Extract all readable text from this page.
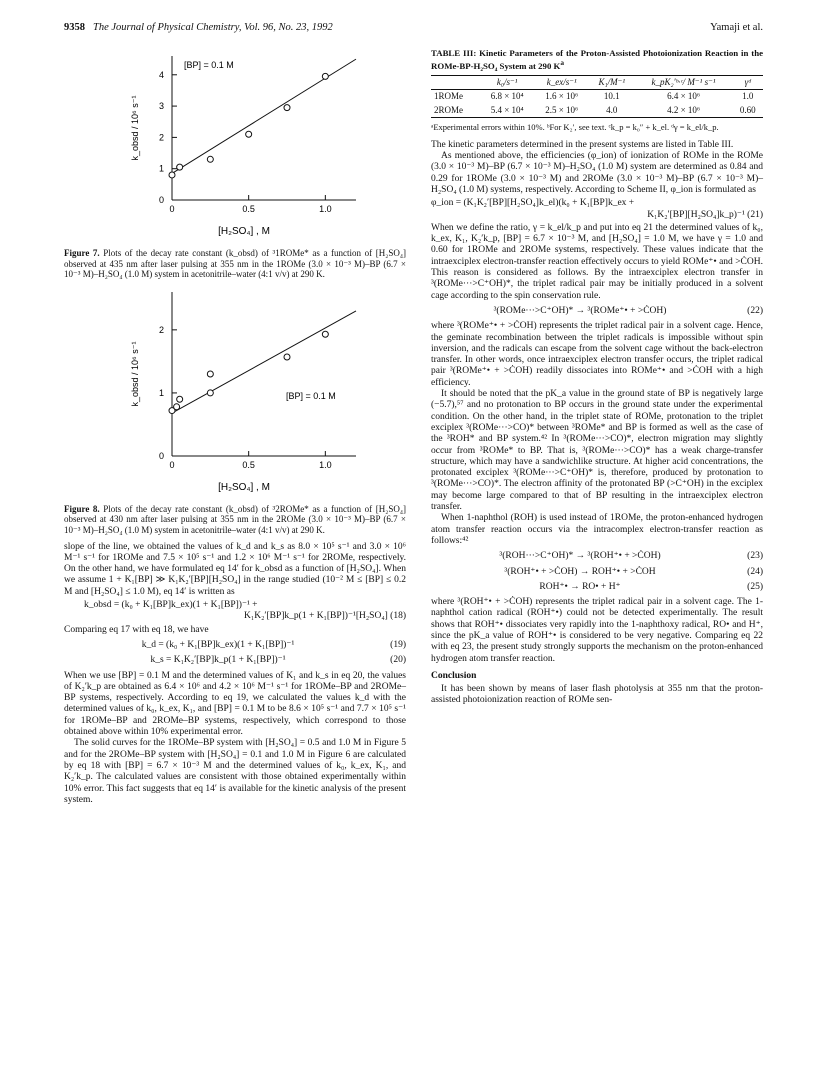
9358 The Journal of Physical Chemistry, Vol. 96, No. 23, 1992	Yamaji et al.
0
1
2
3
4
0	0.5	1.0
[BP] = 0.1 M
k_obsd / 10⁶ s⁻¹
[H₂SO₄] , M

Figure 7. Plots of the decay rate constant (k_obsd) of ³1ROMe* as a function of [H₂SO₄] observed at 435 nm after laser pulsing at 355 nm in the 1ROMe (3.0 × 10⁻³ M)–BP (6.7 × 10⁻³ M)–H₂SO₄ (1.0 M) system in acetonitrile–water (4:1 v/v) at 290 K.

0
1
2
0	0.5	1.0
[BP] = 0.1 M
k_obsd / 10⁶ s⁻¹
[H₂SO₄] , M

Figure 8. Plots of the decay rate constant (k_obsd) of ³2ROMe* as a function of [H₂SO₄] observed at 430 nm after laser pulsing at 355 nm in the 2ROMe (3.0 × 10⁻³ M)–BP (6.7 × 10⁻³ M)–H₂SO₄ (1.0 M) system in acetonitrile–water (4:1 v/v) at 290 K.

slope of the line, we obtained the values of k_d and k_s as 8.0 × 10⁵ s⁻¹ and 3.0 × 10⁶ M⁻¹ s⁻¹ for 1ROMe and 7.5 × 10⁵ s⁻¹ and 1.2 × 10⁶ M⁻¹ s⁻¹ for 2ROMe, respectively. On the other hand, we have formulated eq 14′ for k_obsd as a function of [H₂SO₄]. When we assume 1 + K₁[BP] ≫ K₁K₂′[BP][H₂SO₄] in the range studied (10⁻² M ≤ [BP] ≤ 0.2 M and [H₂SO₄] ≤ 1.0 M), eq 14′ is written as

k_obsd = (k₀ + K₁[BP]k_ex)(1 + K₁[BP])⁻¹ +
K₁K₂′[BP]k_p(1 + K₁[BP])⁻¹[H₂SO₄] (18)

Comparing eq 17 with eq 18, we have

k_d = (k₀ + K₁[BP]k_ex)(1 + K₁[BP])⁻¹	(19)
k_s = K₁K₂′[BP]k_p(1 + K₁[BP])⁻¹	(20)

When we use [BP] = 0.1 M and the determined values of K₁ and k_s in eq 20, the values of K₂′k_p are obtained as 6.4 × 10⁶ and 4.2 × 10⁶ M⁻¹ s⁻¹ for 1ROMe–BP and 2ROMe–BP systems, respectively. According to eq 19, we calculated the values k_d with the determined values of k₀, k_ex, K₁, and [BP] = 0.1 M to be 8.6 × 10⁵ s⁻¹ and 7.7 × 10⁵ s⁻¹ for 1ROMe–BP and 2ROMe–BP systems, respectively, which correspond to those obtained above within 10% experimental error.

The solid curves for the 1ROMe–BP system with [H₂SO₄] = 0.5 and 1.0 M in Figure 5 and for the 2ROMe–BP system with [H₂SO₄] = 0.1 and 1.0 M in Figure 6 are calculated by eq 18 with [BP] = 6.7 × 10⁻³ M and the determined values of k₀, k_ex, K₁, and K₂′k_p. The calculated values are consistent with those obtained experimentally within 10% error. This fact suggests that eq 14′ is available for the kinetic analysis of the present system.

TABLE III: Kinetic Parameters of the Proton-Assisted Photoionization Reaction in the ROMe-BP-H₂SO₄ System at 290 $K^a$
	k₀/s⁻¹	k_ex/s⁻¹	K₁/M⁻¹	k_pK₂′ᵇ·ᶜ/ M⁻¹ s⁻¹	γᵈ
1ROMe	6.8 × 10⁴	1.6 × 10⁶	10.1	6.4 × 10⁶	1.0
2ROMe	5.4 × 10⁴	2.5 × 10⁶	4.0	4.2 × 10⁶	0.60
ᵃExperimental errors within 10%. ᵇFor K₂′, see text. ᶜk_p = k₀″ + k_el. ᵈγ = k_el/k_p.

The kinetic parameters determined in the present systems are listed in Table III.

As mentioned above, the efficiencies (φ_ion) of ionization of ROMe in the ROMe (3.0 × 10⁻³ M)–BP (6.7 × 10⁻³ M)–H₂SO₄ (1.0 M) system are determined as 0.84 and 0.29 for 1ROMe (3.0 × 10⁻³ M) and 2ROMe (3.0 × 10⁻³ M)–BP (6.7 × 10⁻³ M)–H₂SO₄ (1.0 M) systems, respectively. According to Scheme II, φ_ion is formulated as

φ_ion = (K₁K₂′[BP][H₂SO₄]k_el)(k₀ + K₁[BP]k_ex +
K₁K₂′[BP][H₂SO₄]k_p)⁻¹ (21)

When we define the ratio, γ = k_el/k_p and put into eq 21 the determined values of k₀, k_ex, K₁, K₂′k_p, [BP] = 6.7 × 10⁻³ M, and [H₂SO₄] = 1.0 M, we have γ = 1.0 and 0.60 for 1ROMe and 2ROMe systems, respectively. These values indicate that the intraexciplex electron-transfer reaction effectively occurs to yield ROMe⁺• and >ĊOH. This reason is considered as follows. By the intraexciplex electron transfer in ³(ROMe···>C⁺OH)*, the triplet radical pair may be initially produced in a solvent cage according to the spin conservation rule.

³(ROMe···>C⁺OH)* → ³(ROMe⁺• + >ĊOH)	(22)

where ³(ROMe⁺• + >ĊOH) represents the triplet radical pair in a solvent cage. Hence, the geminate recombination between the triplet radicals is impossible without spin inversion, and the radicals can escape from the solvent cage without the back-electron transfer. In other words, once intraexciplex electron transfer occurs, the triplet radical pair ³(ROMe⁺• + >ĊOH) readily dissociates into ROMe⁺• and >ĊOH with a high efficiency.

It should be noted that the pK_a value in the ground state of BP is negatively large (−5.7),⁵⁷ and no protonation to BP occurs in the ground state under the experimental condition. On the other hand, in the triplet state of ROMe, protonation to the triplet exciplex ³(ROMe···>CO)* between ³ROMe* and BP is formed as well as the case of the ³ROH* and BP system.⁴² In ³(ROMe···>CO)*, electron migration may slightly occur from ³ROMe* to BP. That is, ³(ROMe···>CO)* has a weak charge-transfer structure, which may have a sandwichlike structure. At higher acid concentrations, the protonated exciplex ³(ROMe···>C⁺OH)* is, therefore, produced by protonation to ³(ROMe···>CO)*. The electron affinity of the protonated BP (>C⁺OH) in the exciplex may become large compared to that of BP resulting in the intraexciplex electron transfer.

When 1-naphthol (ROH) is used instead of 1ROMe, the proton-enhanced hydrogen atom transfer reaction occurs via the intracomplex electron-transfer reaction as follows:⁴²

³(ROH···>C⁺OH)* → ³(ROH⁺• + >ĊOH)	(23)
³(ROH⁺• + >ĊOH) → ROH⁺• + >ĊOH	(24)
ROH⁺• → RO• + H⁺	(25)

where ³(ROH⁺• + >ĊOH) represents the triplet radical pair in a solvent cage. The 1-naphthol cation radical (ROH⁺•) could not be detected experimentally. The result shows that ROH⁺• dissociates very rapidly into the 1-naphthoxy radical, RO• and H⁺, since the pK_a value of ROH⁺• is considered to be very negative. Comparing eq 22 with eq 23, the present study strongly supports the mechanism on the proton-enhanced hydrogen atom transfer reaction.

Conclusion

It has been shown by means of laser flash photolysis at 355 nm that the proton-assisted photoionization reaction of ROMe sen-
